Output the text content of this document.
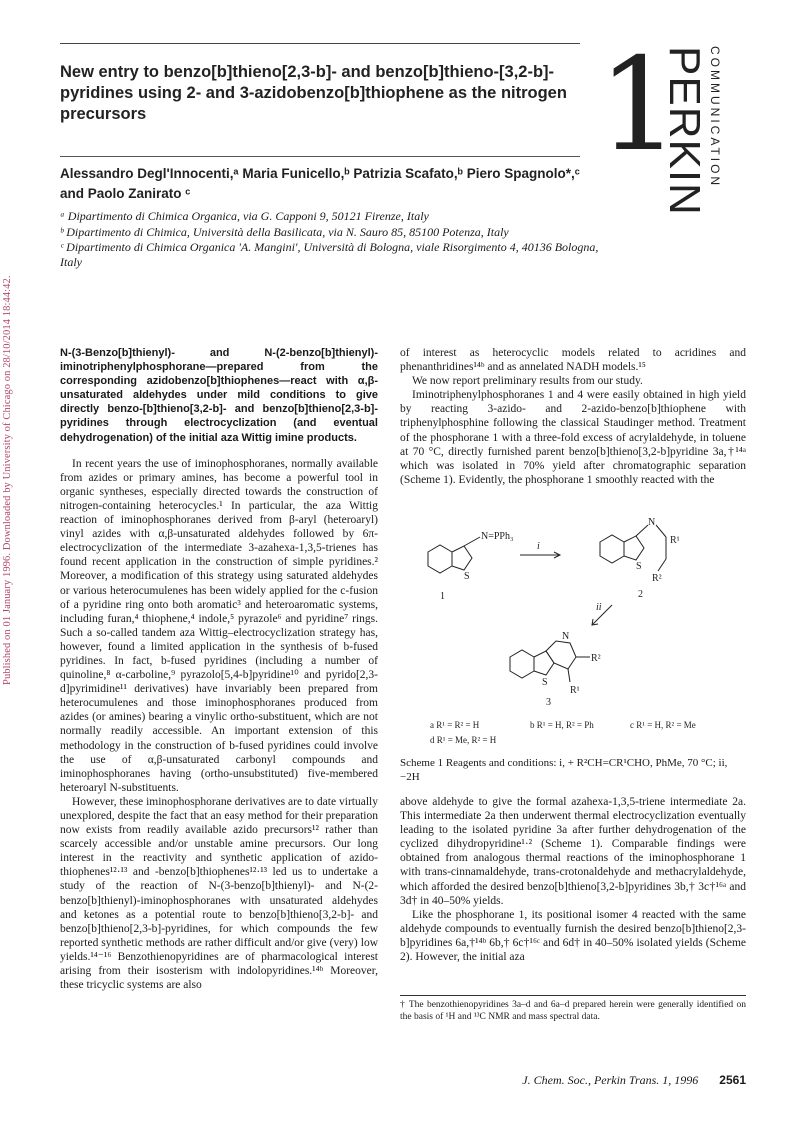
Published on 01 January 1996. Downloaded by University of Chicago on 28/10/2014 18:44:42.
New entry to benzo[b]thieno[2,3-b]- and benzo[b]thieno-[3,2-b]-pyridines using 2- and 3-azidobenzo[b]thiophene as the nitrogen precursors	1
PERKIN COMMUNICATION
Alessandro Degl'Innocenti,ᵃ Maria Funicello,ᵇ Patrizia Scafato,ᵇ Piero Spagnolo*,ᶜ and Paolo Zanirato ᶜ

ᵃ Dipartimento di Chimica Organica, via G. Capponi 9, 50121 Firenze, Italy

ᵇ Dipartimento di Chimica, Università della Basilicata, via N. Sauro 85, 85100 Potenza, Italy

ᶜ Dipartimento di Chimica Organica 'A. Mangini', Università di Bologna, viale Risorgimento 4, 40136 Bologna, Italy

N-(3-Benzo[b]thienyl)- and N-(2-benzo[b]thienyl)-iminotriphenylphosphorane—prepared from the corresponding azidobenzo[b]thiophenes—react with α,β-unsaturated aldehydes under mild conditions to give directly benzo-[b]thieno[3,2-b]- and benzo[b]thieno[2,3-b]-pyridines through electrocyclization (and eventual dehydrogenation) of the initial aza Wittig imine products.

In recent years the use of iminophosphoranes, normally available from azides or primary amines, has become a powerful tool in organic syntheses, especially directed towards the construction of nitrogen-containing heterocycles.¹ In particular, the aza Wittig reaction of iminophosphoranes derived from β-aryl (heteroaryl) vinyl azides with α,β-unsaturated aldehydes followed by 6π-electrocyclization of the intermediate 3-azahexa-1,3,5-trienes has found recent application in the construction of simple pyridines.² Moreover, a modification of this strategy using saturated aldehydes or various heterocumulenes has been widely applied for the c-fusion of a pyridine ring onto both aromatic³ and heteroaromatic systems, including furan,⁴ thiophene,⁴ indole,⁵ pyrazole⁶ and pyridine⁷ rings. Such a so-called tandem aza Wittig–electrocyclization strategy has, however, found a limited application in the synthesis of b-fused pyridines. In fact, b-fused pyridines (including a number of quinoline,⁸ α-carboline,⁹ pyrazolo[5,4-b]pyridine¹⁰ and pyrido[2,3-d]pyrimidine¹¹ derivatives) have invariably been prepared from heterocumulenes and those iminophosphoranes produced from azides (or amines) bearing a vinylic ortho-substituent, which are not normally readily accessible. An important extension of this methodology in the construction of b-fused pyridines could involve the use of α,β-unsaturated carbonyl compounds and iminophosphoranes having (ortho-unsubstituted) five-membered heteroaryl N-substituents.

However, these iminophosphorane derivatives are to date virtually unexplored, despite the fact that an easy method for their preparation now exists from readily available azido precursors¹² rather than scarcely accessible and/or unstable amine precursors. Our long interest in the reactivity and synthetic application of azido-thiophenes¹²·¹³ and -benzo[b]thiophenes¹²·¹³ led us to undertake a study of the reaction of N-(3-benzo[b]thienyl)- and N-(2-benzo[b]thienyl)-iminophosphoranes with unsaturated aldehydes and ketones as a potential route to benzo[b]thieno[3,2-b]- and benzo[b]thieno[2,3-b]-pyridines, for which compounds the few reported synthetic methods are rather difficult and/or give (very) low yields.¹⁴⁻¹⁶ Benzothienopyridines are of pharmacological interest arising from their isosterism with indolopyridines.¹⁴ᵇ Moreover, these tricyclic systems are also

of interest as heterocyclic models related to acridines and phenanthridines¹⁴ᵇ and as annelated NADH models.¹⁵

We now report preliminary results from our study.

Iminotriphenylphosphoranes 1 and 4 were easily obtained in high yield by reacting 3-azido- and 2-azido-benzo[b]thiophene with triphenylphosphine following the classical Staudinger method. Treatment of the phosphorane 1 with a three-fold excess of acrylaldehyde, in toluene at 70 °C, directly furnished parent benzo[b]thieno[3,2-b]pyridine 3a,†¹⁴ᵃ which was isolated in 70% yield after chromatographic separation (Scheme 1). Evidently, the phosphorane 1 smoothly reacted with the

N=PPh₃
S
1
i
N
S
R¹
R²
2
ii
N
S
R²
R¹
3
a R¹ = R² = H	b R¹ = H, R² = Ph	c R¹ = H, R² = Me
d R¹ = Me, R² = H
Scheme 1 Reagents and conditions: i, + R²CH=CR¹CHO, PhMe, 70 °C; ii, −2H

above aldehyde to give the formal azahexa-1,3,5-triene intermediate 2a. This intermediate 2a then underwent thermal electrocyclization eventually leading to the isolated pyridine 3a after further dehydrogenation of the cyclized dihydropyridine¹·² (Scheme 1). Comparable findings were obtained from analogous thermal reactions of the iminophosphorane 1 with trans-cinnamaldehyde, trans-crotonaldehyde and methacrylaldehyde, which afforded the desired benzo[b]thieno[3,2-b]pyridines 3b,† 3c†¹⁶ᵃ and 3d† in 40–50% yields.

Like the phosphorane 1, its positional isomer 4 reacted with the same aldehyde compounds to eventually furnish the desired benzo[b]thieno[2,3-b]pyridines 6a,†¹⁴ᵇ 6b,† 6c†¹⁶ᶜ and 6d† in 40–50% isolated yields (Scheme 2). However, the initial aza

† The benzothienopyridines 3a–d and 6a–d prepared herein were generally identified on the basis of ¹H and ¹³C NMR and mass spectral data.
J. Chem. Soc., Perkin Trans. 1, 1996 2561
